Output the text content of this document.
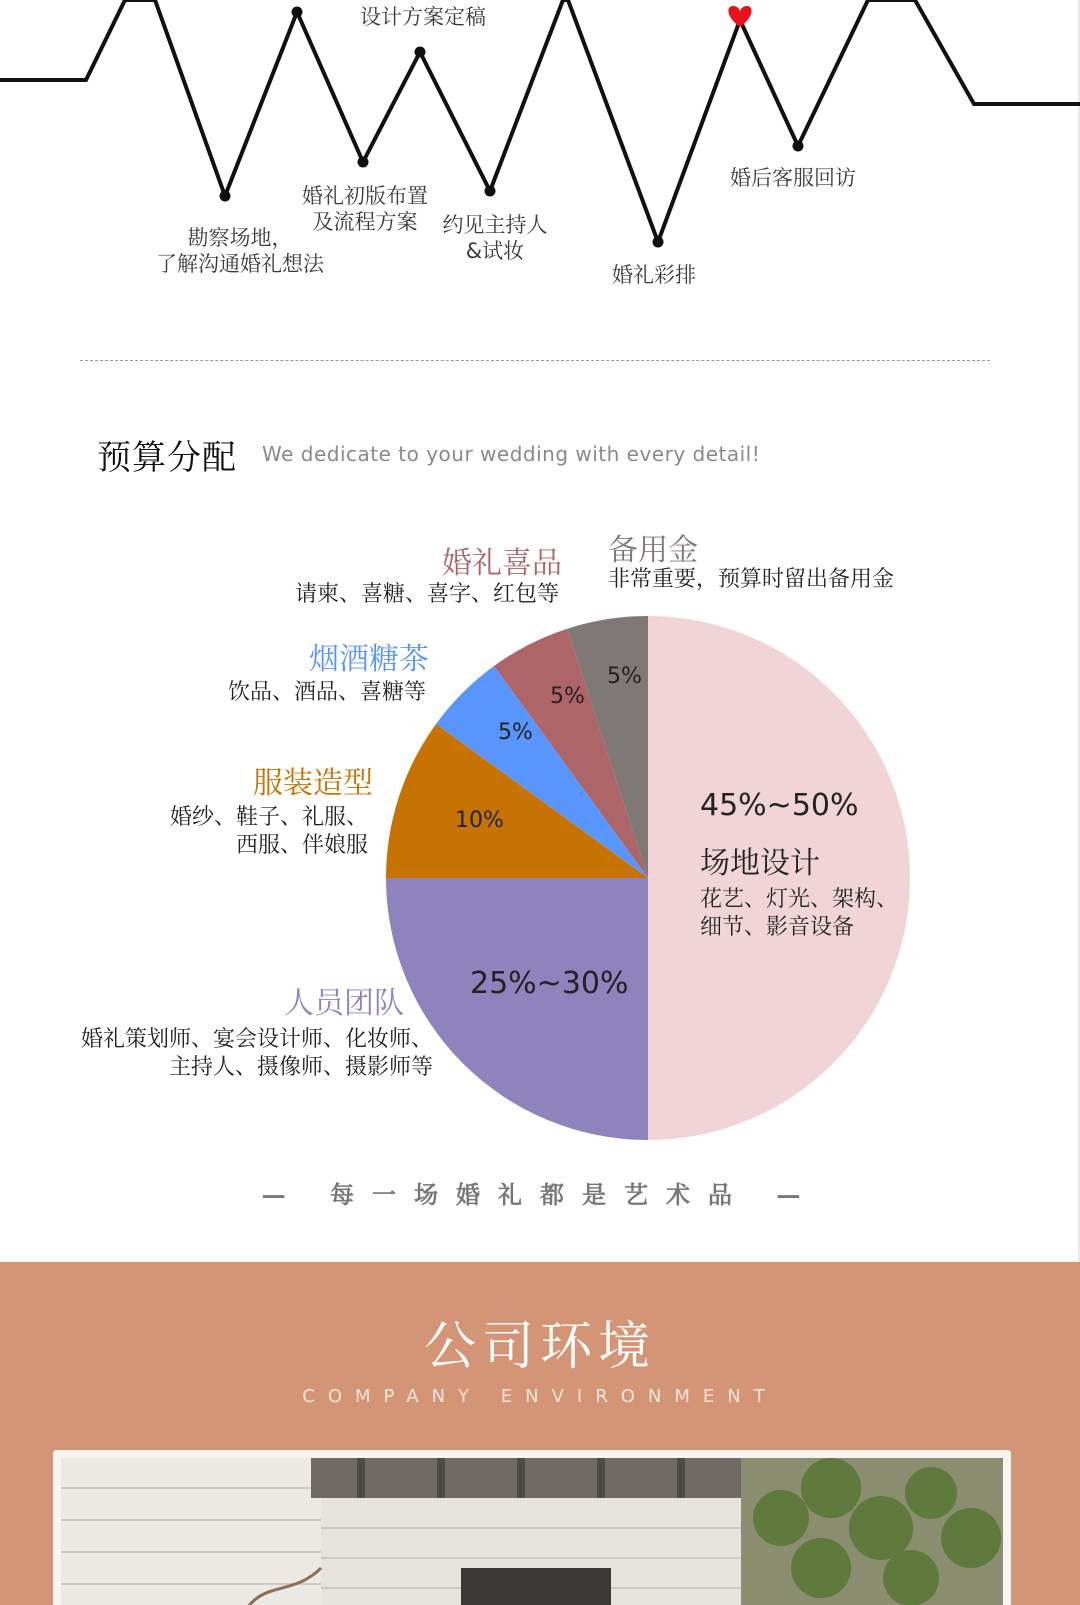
设计方案定稿
勘察场地，
了解沟通婚礼想法
婚礼初版布置
及流程方案	约见主持人
&试妆
婚礼彩排
婚后客服回访
预算分配 We dedicate to your wedding with every detail!
场地设计
花艺、灯光、架构、
细节、影音设备
人员团队
婚礼策划师、宴会设计师、化妆师、
主持人、摄像师、摄影师等
服装造型
婚纱、鞋子、礼服、
西服、伴娘服
烟酒糖茶
饮品、酒品、喜糖等
婚礼喜品
请柬、喜糖、喜字、红包等
备用金
非常重要，预算时留出备用金
45%~50%
25%~30%
10%
5%
5%
5%
— 每一场婚礼都是艺术品 —
公司环境
COMPANY ENVIRONMENT
